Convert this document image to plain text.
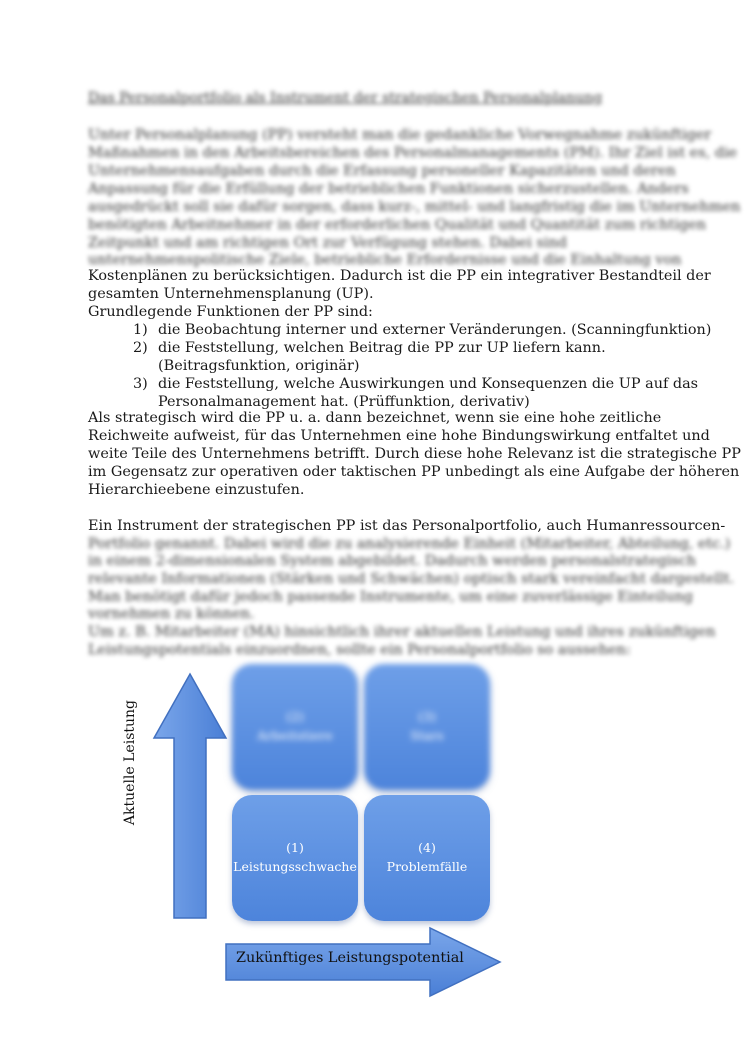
Das Personalportfolio als Instrument der strategischen Personalplanung
Unter Personalplanung (PP) versteht man die gedankliche Vorwegnahme zukünftiger
Maßnahmen in den Arbeitsbereichen des Personalmanagements (PM). Ihr Ziel ist es, die
Unternehmensaufgaben durch die Erfassung personeller Kapazitäten und deren
Anpassung für die Erfüllung der betrieblichen Funktionen sicherzustellen. Anders
ausgedrückt soll sie dafür sorgen, dass kurz-, mittel- und langfristig die im Unternehmen
benötigten Arbeitnehmer in der erforderlichen Qualität und Quantität zum richtigen
Zeitpunkt und am richtigen Ort zur Verfügung stehen. Dabei sind
unternehmenspolitische Ziele, betriebliche Erfordernisse und die Einhaltung von
Kostenplänen zu berücksichtigen. Dadurch ist die PP ein integrativer Bestandteil der
gesamten Unternehmensplanung (UP).
Grundlegende Funktionen der PP sind:
1) die Beobachtung interner und externer Veränderungen. (Scanningfunktion)
2) die Feststellung, welchen Beitrag die PP zur UP liefern kann.
(Beitragsfunktion, originär)
3) die Feststellung, welche Auswirkungen und Konsequenzen die UP auf das
Personalmanagement hat. (Prüffunktion, derivativ)
Als strategisch wird die PP u. a. dann bezeichnet, wenn sie eine hohe zeitliche
Reichweite aufweist, für das Unternehmen eine hohe Bindungswirkung entfaltet und
weite Teile des Unternehmens betrifft. Durch diese hohe Relevanz ist die strategische PP
im Gegensatz zur operativen oder taktischen PP unbedingt als eine Aufgabe der höheren
Hierarchieebene einzustufen.
Ein Instrument der strategischen PP ist das Personalportfolio, auch Humanressourcen-
Portfolio genannt. Dabei wird die zu analysierende Einheit (Mitarbeiter, Abteilung, etc.)
in einem 2-dimensionalen System abgebildet. Dadurch werden personalstrategisch
relevante Informationen (Stärken und Schwächen) optisch stark vereinfacht dargestellt.
Man benötigt dafür jedoch passende Instrumente, um eine zuverlässige Einteilung
vornehmen zu können.
Um z. B. Mitarbeiter (MA) hinsichtlich ihrer aktuellen Leistung und ihres zukünftigen
Leistungspotentials einzuordnen, sollte ein Personalportfolio so aussehen:
Aktuelle Leistung	(2)
Arbeitstiere
(3)
Stars
(1)
Leistungsschwache
(4)
Problemfälle
Zukünftiges Leistungspotential
